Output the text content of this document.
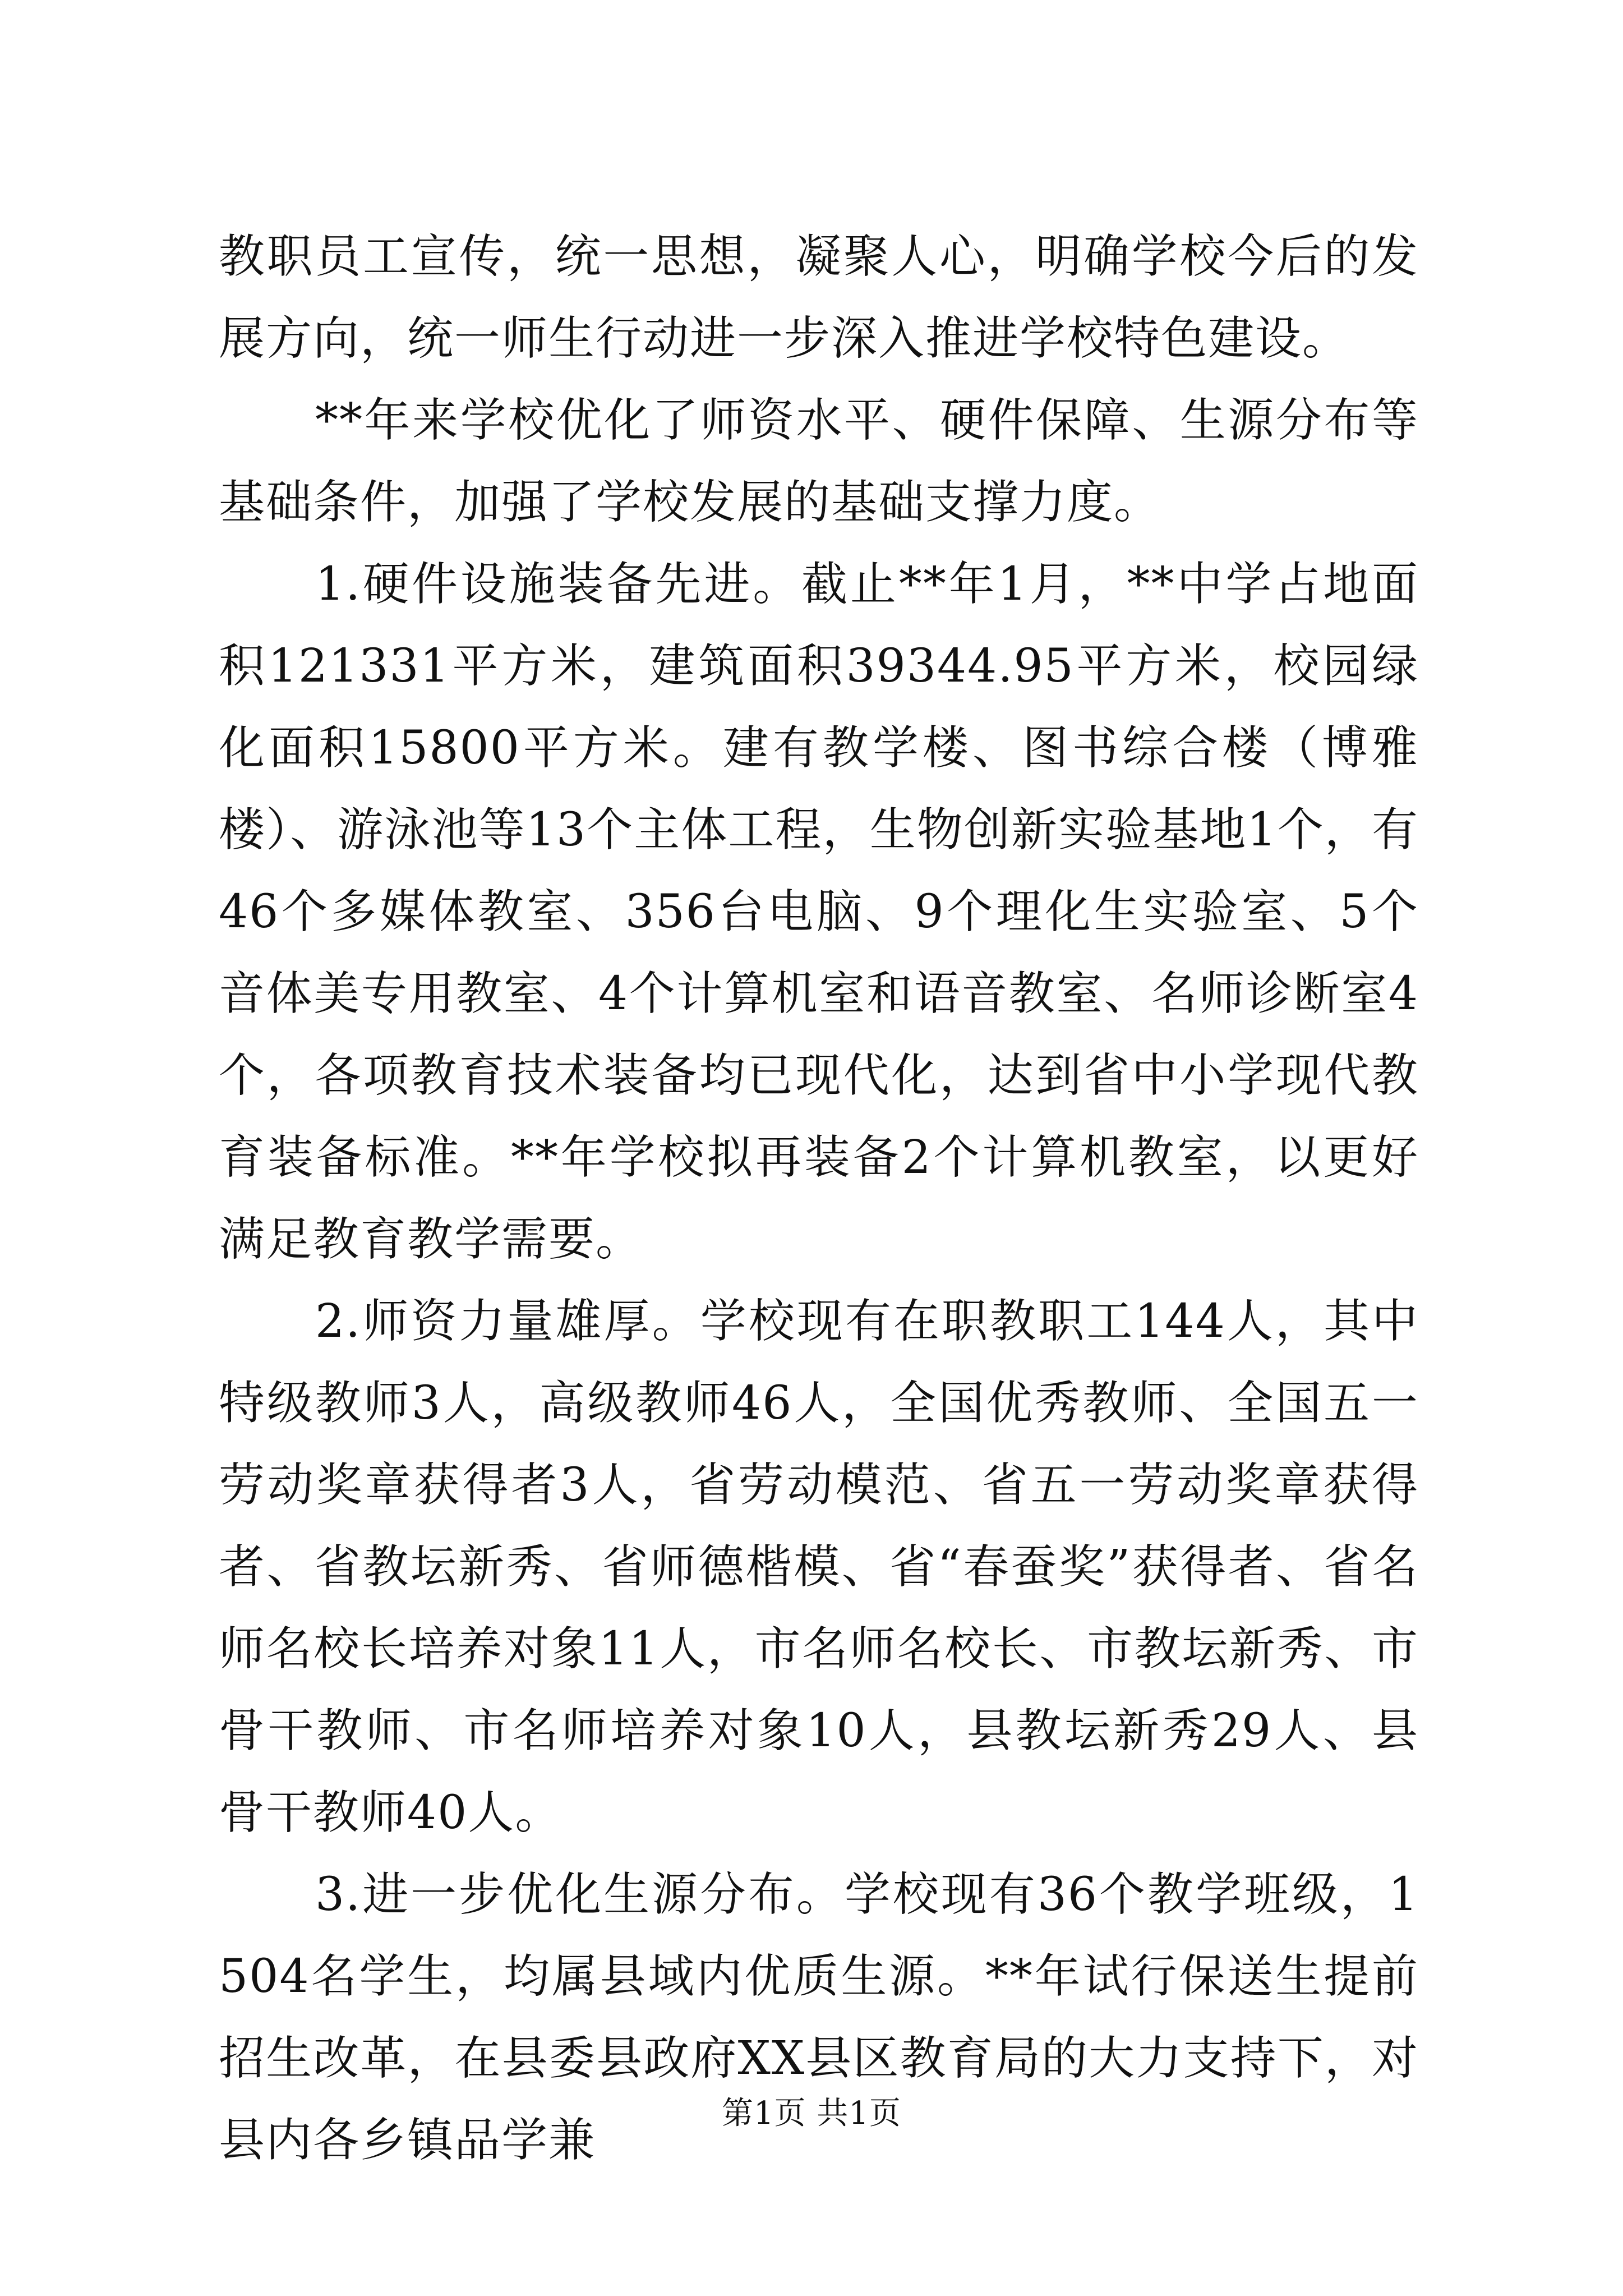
教职员工宣传，统一思想，凝聚人心，明确学校今后的发展方向，统一师生行动进一步深入推进学校特色建设。

**年来学校优化了师资水平、硬件保障、生源分布等基础条件，加强了学校发展的基础支撑力度。

1.硬件设施装备先进。截止**年1月，**中学占地面积121331平方米，建筑面积39344.95平方米，校园绿化面积15800平方米。建有教学楼、图书综合楼（博雅楼）、游泳池等13个主体工程，生物创新实验基地1个，有46个多媒体教室、356台电脑、9个理化生实验室、5个音体美专用教室、4个计算机室和语音教室、名师诊断室4个，各项教育技术装备均已现代化，达到省中小学现代教育装备标准。**年学校拟再装备2个计算机教室，以更好满足教育教学需要。

2.师资力量雄厚。学校现有在职教职工144人，其中特级教师3人，高级教师46人，全国优秀教师、全国五一劳动奖章获得者3人，省劳动模范、省五一劳动奖章获得者、省教坛新秀、省师德楷模、省“春蚕奖”获得者、省名师名校长培养对象11人，市名师名校长、市教坛新秀、市骨干教师、市名师培养对象10人，县教坛新秀29人、县骨干教师40人。

3.进一步优化生源分布。学校现有36个教学班级，1504名学生，均属县域内优质生源。**年试行保送生提前招生改革，在县委县政府XX县区教育局的大力支持下，对县内各乡镇品学兼

第1页 共1页
